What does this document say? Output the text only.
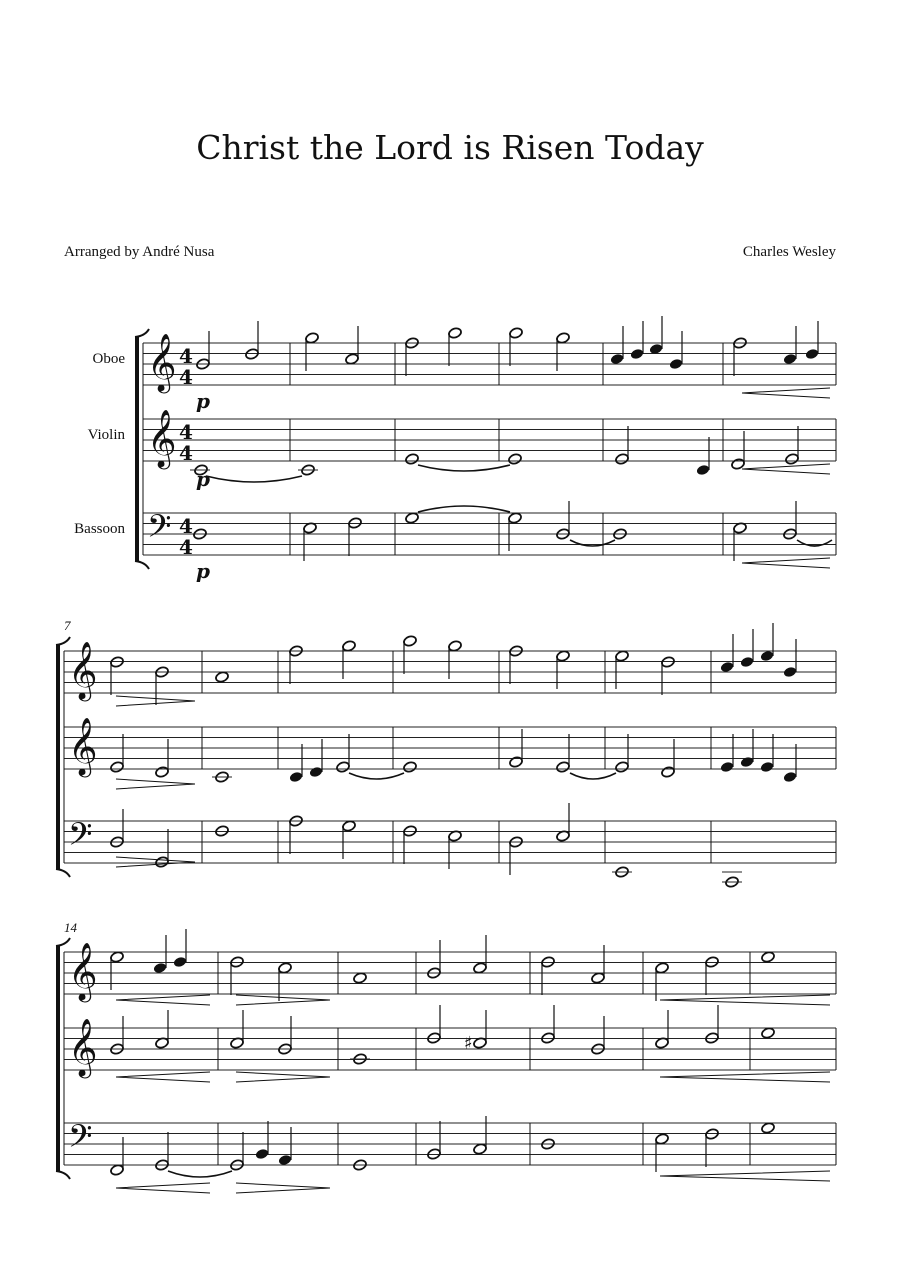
Christ the Lord is Risen Today
Arranged by André Nusa	Charles Wesley
Oboe
Violin
Bassoon
7
14
𝄞
𝄞
𝄢
4
4
4
4
4
4
𝄞
𝄞
𝄢
𝄞
𝄞
𝄢
♯
p
p
p
